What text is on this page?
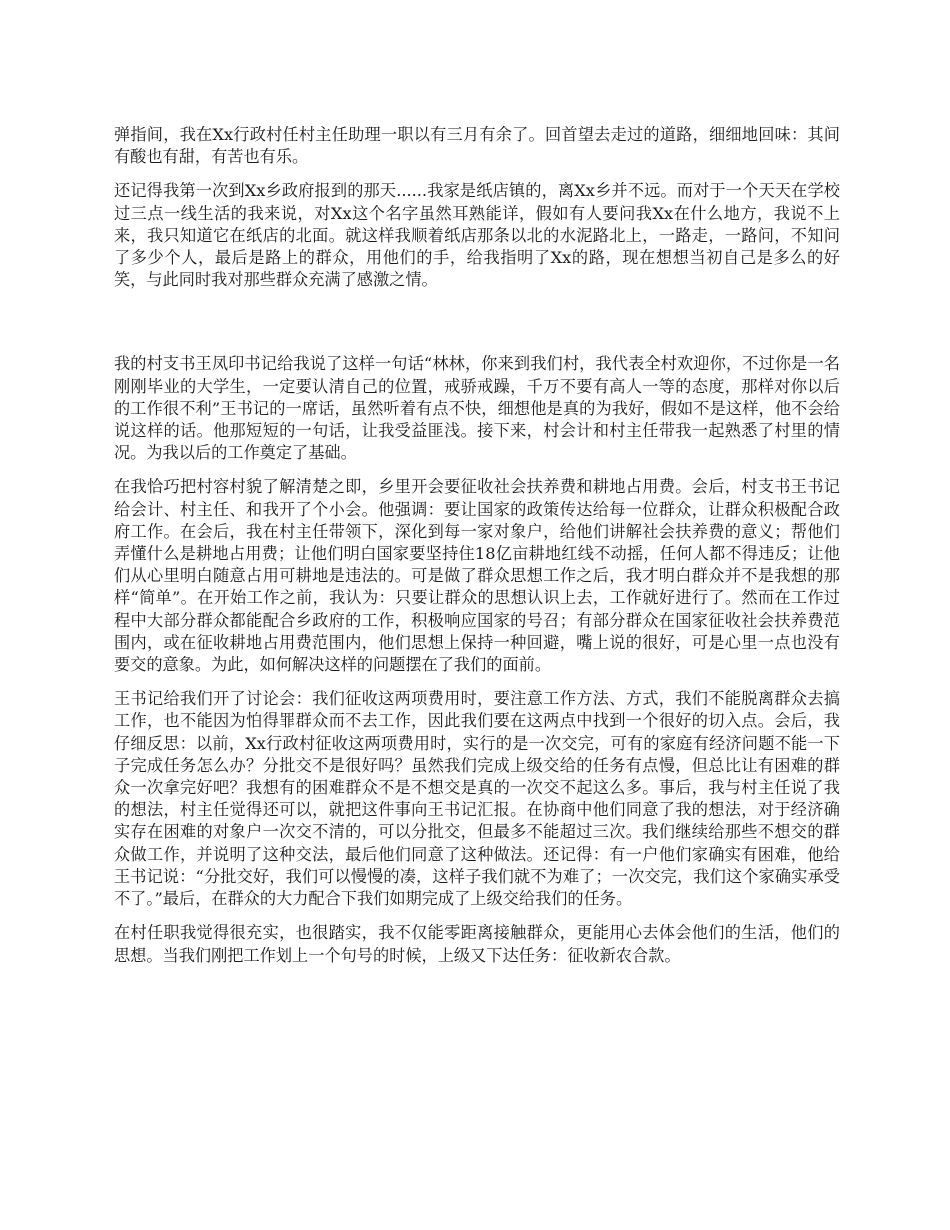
弹指间，我在Xx行政村任村主任助理一职以有三月有余了。回首望去走过的道路，细细地回味：其间有酸也有甜，有苦也有乐。

还记得我第一次到Xx乡政府报到的那天......我家是纸店镇的，离Xx乡并不远。而对于一个天天在学校过三点一线生活的我来说，对Xx这个名字虽然耳熟能详，假如有人要问我Xx在什么地方，我说不上来，我只知道它在纸店的北面。就这样我顺着纸店那条以北的水泥路北上，一路走，一路问，不知问了多少个人，最后是路上的群众，用他们的手，给我指明了Xx的路，现在想想当初自己是多么的好笑，与此同时我对那些群众充满了感激之情。

我的村支书王凤印书记给我说了这样一句话“林林，你来到我们村，我代表全村欢迎你，不过你是一名刚刚毕业的大学生，一定要认清自己的位置，戒骄戒躁，千万不要有高人一等的态度，那样对你以后的工作很不利”王书记的一席话，虽然听着有点不快，细想他是真的为我好，假如不是这样，他不会给说这样的话。他那短短的一句话，让我受益匪浅。接下来，村会计和村主任带我一起熟悉了村里的情况。为我以后的工作奠定了基础。

在我恰巧把村容村貌了解清楚之即，乡里开会要征收社会扶养费和耕地占用费。会后，村支书王书记给会计、村主任、和我开了个小会。他强调：要让国家的政策传达给每一位群众，让群众积极配合政府工作。在会后，我在村主任带领下，深化到每一家对象户，给他们讲解社会扶养费的意义；帮他们弄懂什么是耕地占用费；让他们明白国家要坚持住18亿亩耕地红线不动摇，任何人都不得违反；让他们从心里明白随意占用可耕地是违法的。可是做了群众思想工作之后，我才明白群众并不是我想的那样“简单”。在开始工作之前，我认为：只要让群众的思想认识上去，工作就好进行了。然而在工作过程中大部分群众都能配合乡政府的工作，积极响应国家的号召；有部分群众在国家征收社会扶养费范围内，或在征收耕地占用费范围内，他们思想上保持一种回避，嘴上说的很好，可是心里一点也没有要交的意象。为此，如何解决这样的问题摆在了我们的面前。

王书记给我们开了讨论会：我们征收这两项费用时，要注意工作方法、方式，我们不能脱离群众去搞工作，也不能因为怕得罪群众而不去工作，因此我们要在这两点中找到一个很好的切入点。会后，我仔细反思：以前，Xx行政村征收这两项费用时，实行的是一次交完，可有的家庭有经济问题不能一下子完成任务怎么办？分批交不是很好吗？虽然我们完成上级交给的任务有点慢，但总比让有困难的群众一次拿完好吧？我想有的困难群众不是不想交是真的一次交不起这么多。事后，我与村主任说了我的想法，村主任觉得还可以，就把这件事向王书记汇报。在协商中他们同意了我的想法，对于经济确实存在困难的对象户一次交不清的，可以分批交，但最多不能超过三次。我们继续给那些不想交的群众做工作，并说明了这种交法，最后他们同意了这种做法。还记得：有一户他们家确实有困难，他给王书记说：“分批交好，我们可以慢慢的凑，这样子我们就不为难了；一次交完，我们这个家确实承受不了。”最后，在群众的大力配合下我们如期完成了上级交给我们的任务。

在村任职我觉得很充实，也很踏实，我不仅能零距离接触群众，更能用心去体会他们的生活，他们的思想。当我们刚把工作划上一个句号的时候，上级又下达任务：征收新农合款。
